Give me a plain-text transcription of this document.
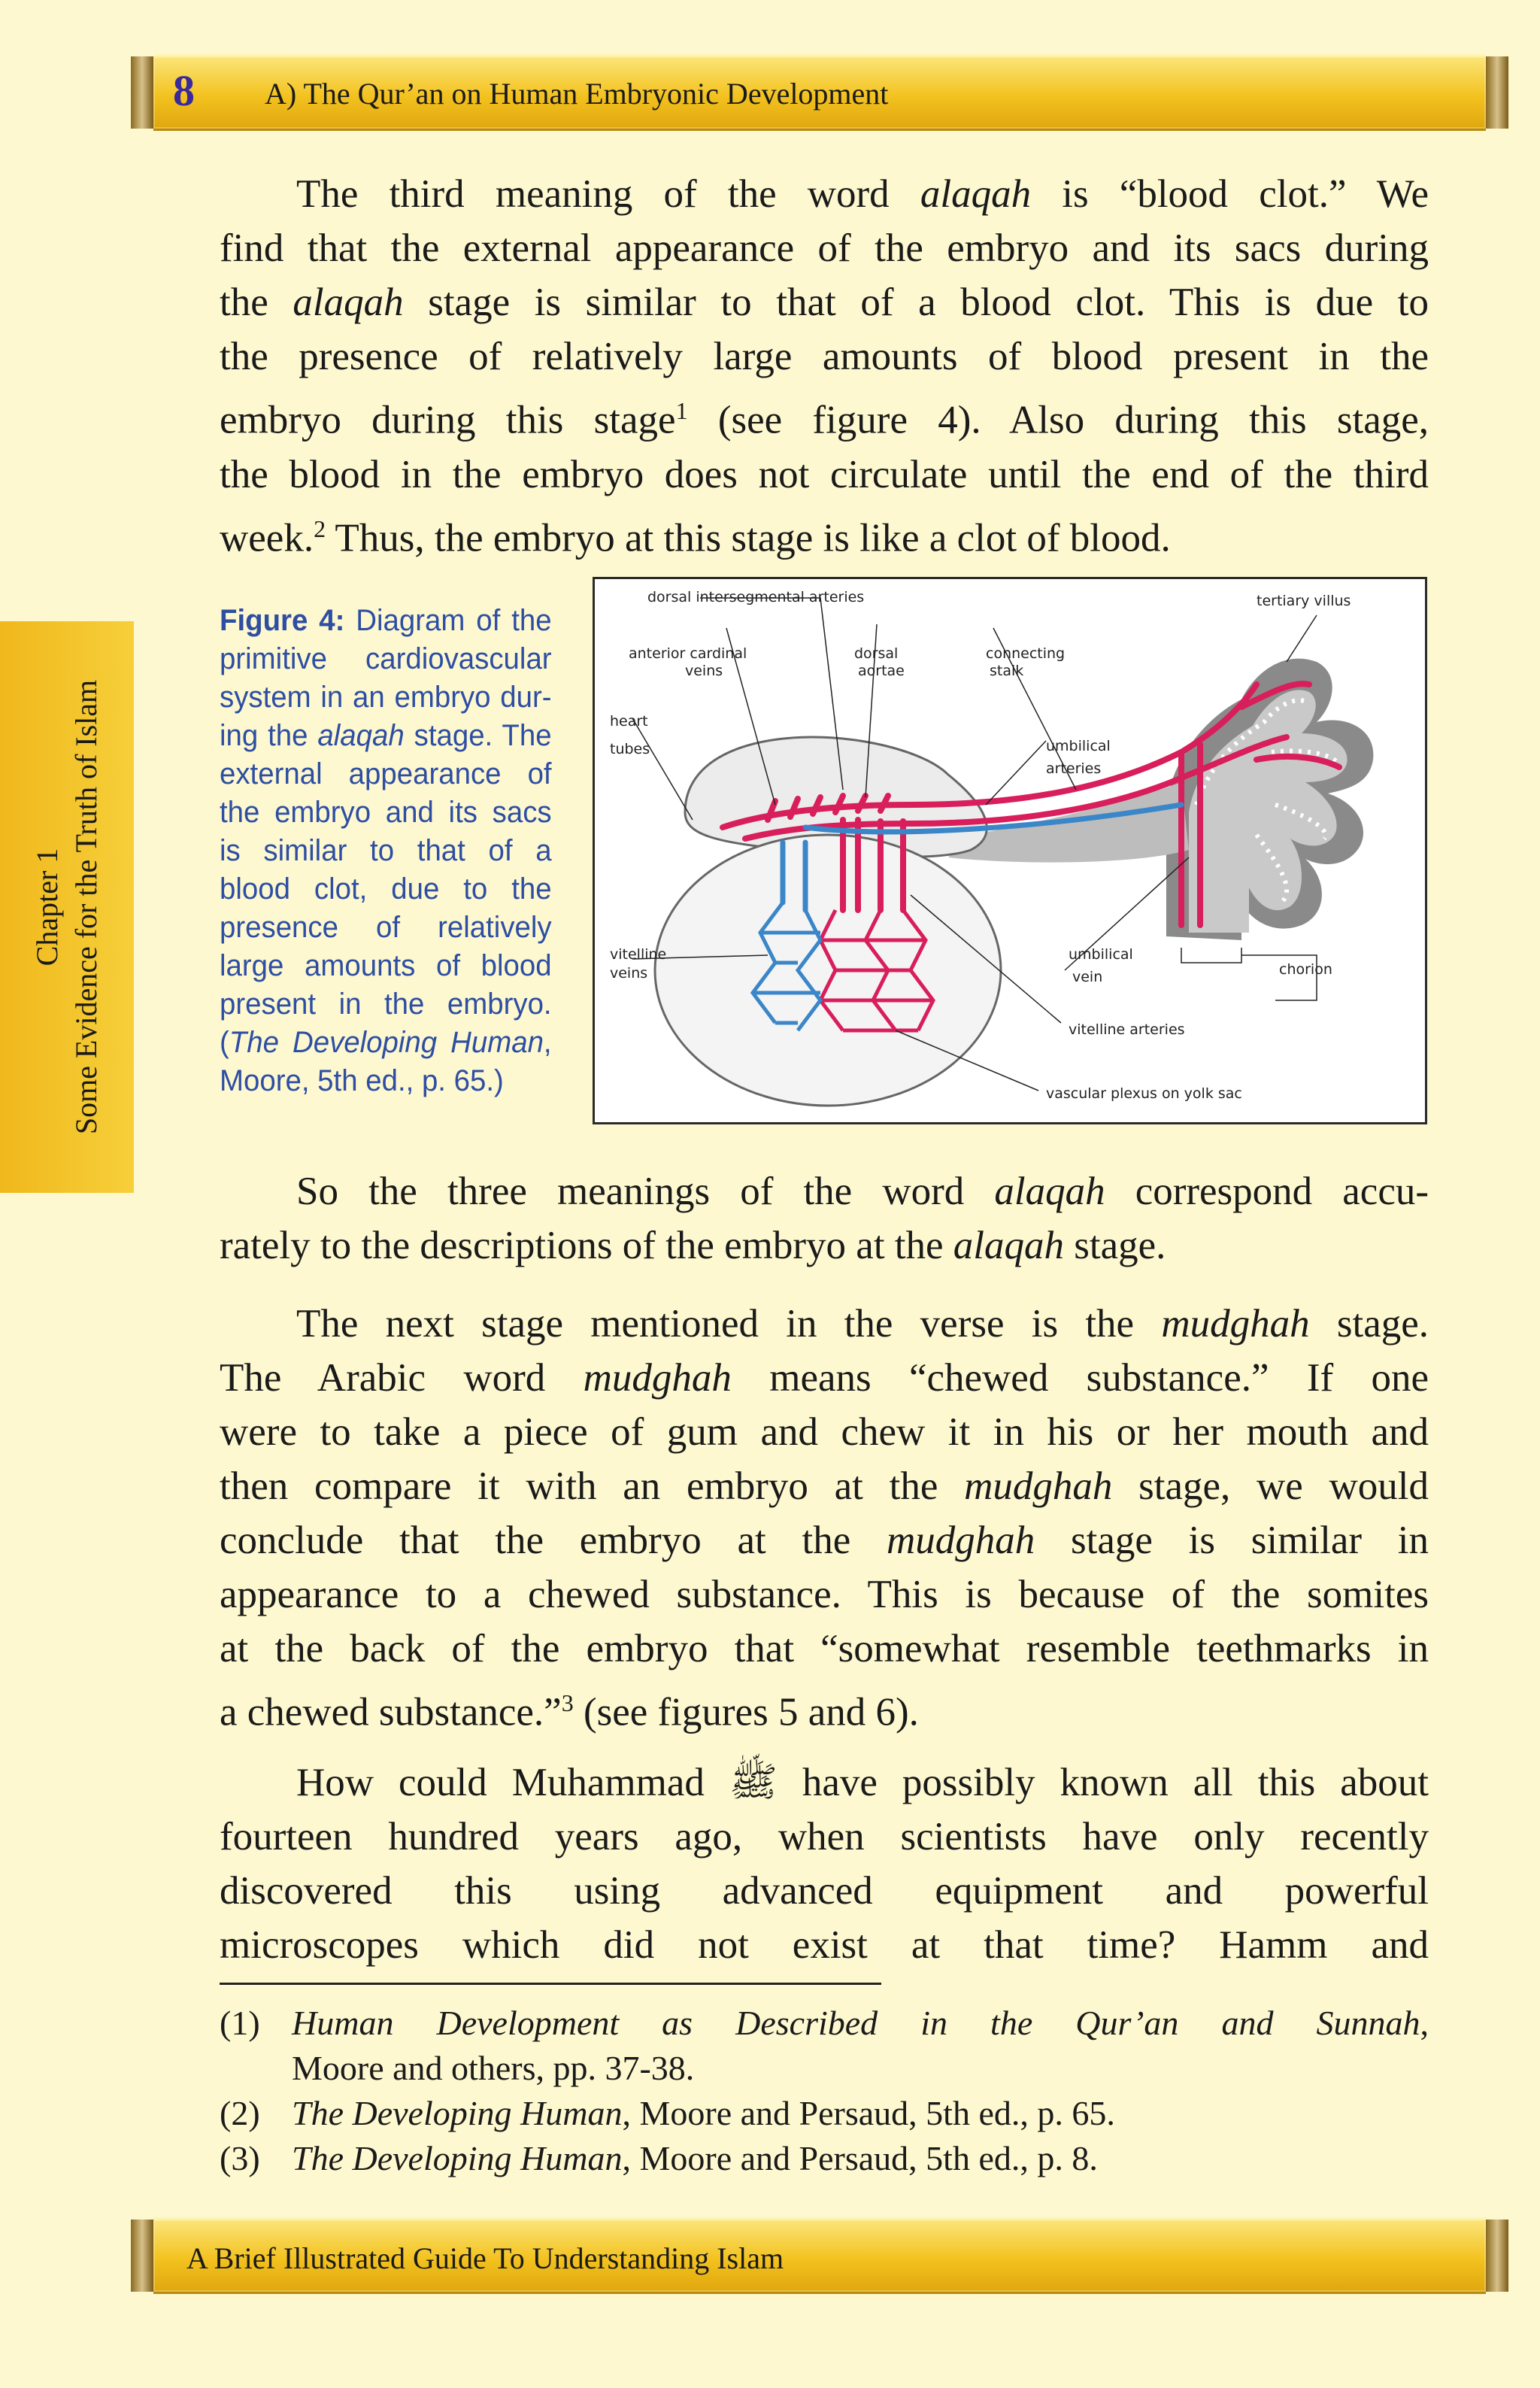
8 A) The Qur’an on Human Embryonic Development
Chapter 1 Some Evidence for the Truth of Islam
The third meaning of the word alaqah is “blood clot.” We
find that the external appearance of the embryo and its sacs during
the alaqah stage is similar to that of a blood clot. This is due to
the presence of relatively large amounts of blood present in the
embryo during this stage$^1$ (see figure 4). Also during this stage,
the blood in the embryo does not circulate until the end of the third
week.$^2$ Thus, the embryo at this stage is like a clot of blood.
Figure 4: Diagram of the
primitive cardiovascular
system in an embryo dur-
ing the alaqah stage. The
external appearance of
the embryo and its sacs
is similar to that of a
blood clot, due to the
presence of relatively
large amounts of blood
present in the embryo.
(The Developing Human,
Moore, 5th ed., p. 65.)
dorsal intersegmental arteries	tertiary villus
anterior cardinal
veins
dorsal
aortae
connecting
stalk
heart
tubes	umbilical
arteries
vitelline
veins
umbilical
vein	chorion
vitelline arteries
vascular plexus on yolk sac
So the three meanings of the word alaqah correspond accu-
rately to the descriptions of the embryo at the alaqah stage.
The next stage mentioned in the verse is the mudghah stage.
The Arabic word mudghah means “chewed substance.” If one
were to take a piece of gum and chew it in his or her mouth and
then compare it with an embryo at the mudghah stage, we would
conclude that the embryo at the mudghah stage is similar in
appearance to a chewed substance. This is because of the somites
at the back of the embryo that “somewhat resemble teethmarks in
a chewed substance.”$^3$ (see figures 5 and 6).
How could Muhammad ﷺ have possibly known all this about
fourteen hundred years ago, when scientists have only recently
discovered this using advanced equipment and powerful
microscopes which did not exist at that time? Hamm and
(1) Human Development as Described in the Qur’an and Sunnah,
Moore and others, pp. 37-38.
(2) The Developing Human, Moore and Persaud, 5th ed., p. 65.
(3) The Developing Human, Moore and Persaud, 5th ed., p. 8.
A Brief Illustrated Guide To Understanding Islam
